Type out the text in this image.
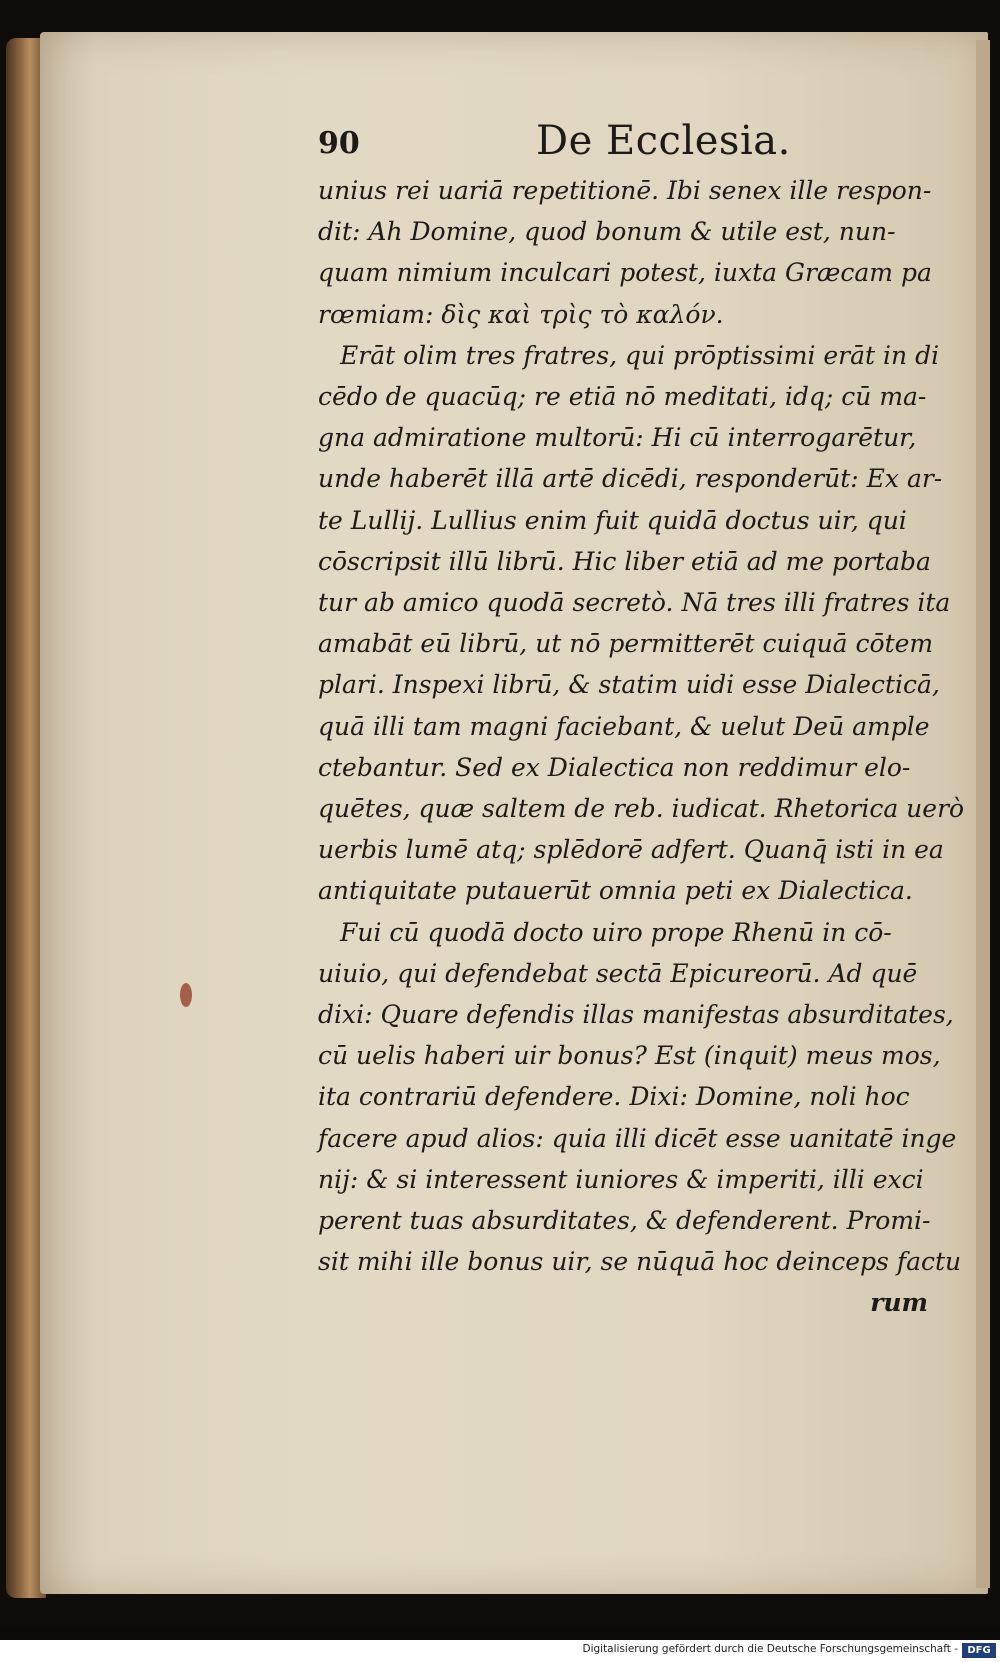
90	De Ecclesia.
unius rei uariā repetitionē. Ibi senex ille respon-
dit: Ah Domine, quod bonum & utile est, nun-
quam nimium inculcari potest, iuxta Græcam pa
rœmiam: δὶς καὶ τρὶς τὸ καλόν.
Erāt olim tres fratres, qui prōptissimi erāt in di
cēdo de quacūq; re etiā nō meditati, idq; cū ma-
gna admiratione multorū: Hi cū interrogarētur,
unde haberēt illā artē dicēdi, responderūt: Ex ar-
te Lullij. Lullius enim fuit quidā doctus uir, qui
cōscripsit illū librū. Hic liber etiā ad me portaba
tur ab amico quodā secretò. Nā tres illi fratres ita
amabāt eū librū, ut nō permitterēt cuiquā cōtem
plari. Inspexi librū, & statim uidi esse Dialecticā,
quā illi tam magni faciebant, & uelut Deū ample
ctebantur. Sed ex Dialectica non reddimur elo-
quētes, quæ saltem de reb. iudicat. Rhetorica uerò
uerbis lumē atq; splēdorē adfert. Quanq̄ isti in ea
antiquitate putauerūt omnia peti ex Dialectica.
Fui cū quodā docto uiro prope Rhenū in cō-
uiuio, qui defendebat sectā Epicureorū. Ad quē
dixi: Quare defendis illas manifestas absurditates,
cū uelis haberi uir bonus? Est (inquit) meus mos,
ita contrariū defendere. Dixi: Domine, noli hoc
facere apud alios: quia illi dicēt esse uanitatē inge
nij: & si interessent iuniores & imperiti, illi exci
perent tuas absurditates, & defenderent. Promi-
sit mihi ille bonus uir, se nūquā hoc deinceps factu
rum
Digitalisierung gefördert durch die Deutsche Forschungsgemeinschaft - DFG
